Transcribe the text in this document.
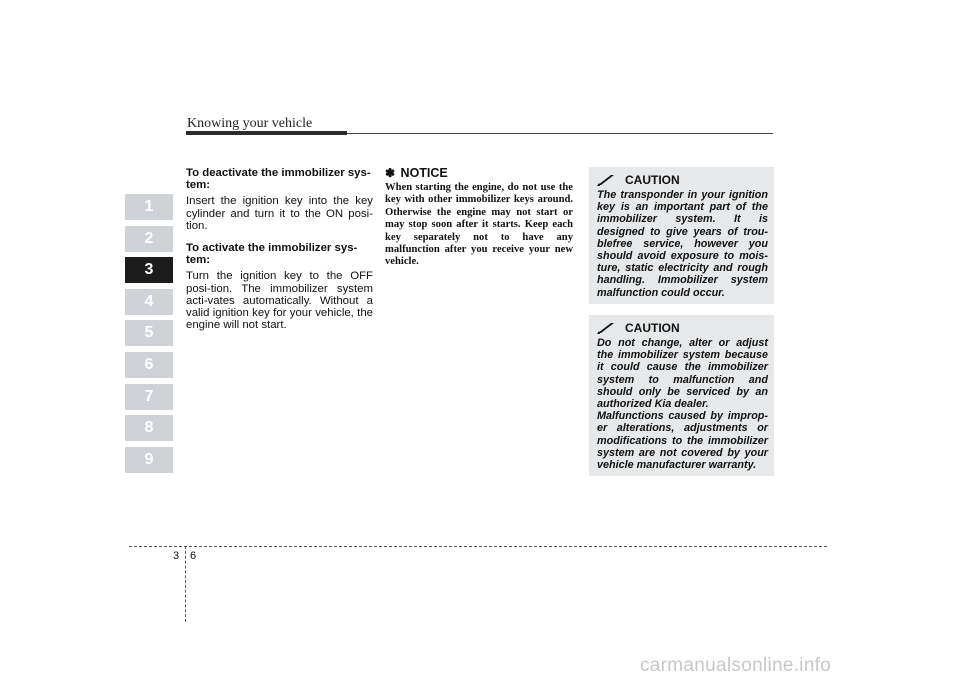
Knowing your vehicle
1
2
3
4
5
6
7
8
9
To deactivate the immobilizer sys-tem:

Insert the ignition key into the key cylinder and turn it to the ON posi-tion.

To activate the immobilizer sys-tem:

Turn the ignition key to the OFF posi-tion. The immobilizer system acti-vates automatically. Without a valid ignition key for your vehicle, the engine will not start.

✽ NOTICE

When starting the engine, do not use the key with other immobilizer keys around. Otherwise the engine may not start or may stop soon after it starts. Keep each key separately not to have any malfunction after you receive your new vehicle.

CAUTION

The transponder in your ignition key is an important part of the immobilizer system. It is designed to give years of trou-blefree service, however you should avoid exposure to mois-ture, static electricity and rough handling. Immobilizer system malfunction could occur.

CAUTION

Do not change, alter or adjust the immobilizer system because it could cause the immobilizer system to malfunction and should only be serviced by an authorized Kia dealer.

Malfunctions caused by improp-er alterations, adjustments or modifications to the immobilizer system are not covered by your vehicle manufacturer warranty.

3 6
carmanualsonline.info
